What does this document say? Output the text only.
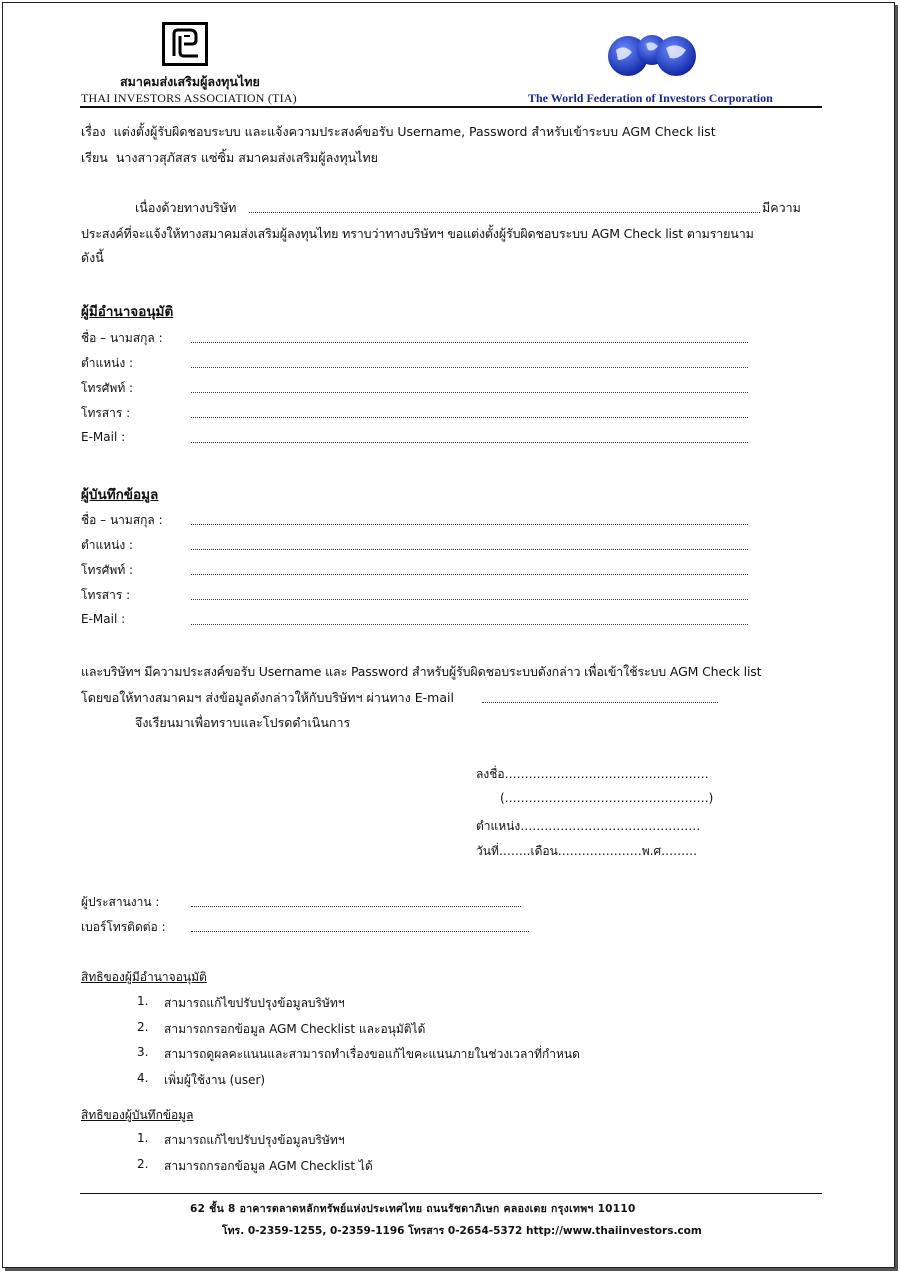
สมาคมส่งเสริมผู้ลงทุนไทย
THAI INVESTORS ASSOCIATION (TIA)	The World Federation of Investors Corporation
เรื่อง แต่งตั้งผู้รับผิดชอบระบบ และแจ้งความประสงค์ขอรับ Username, Password สำหรับเข้าระบบ AGM Check list
เรียน นางสาวสุภัสสร แซ่ซิ้ม สมาคมส่งเสริมผู้ลงทุนไทย
เนื่องด้วยทางบริษัท	มีความ
ประสงค์ที่จะแจ้งให้ทางสมาคมส่งเสริมผู้ลงทุนไทย ทราบว่าทางบริษัทฯ ขอแต่งตั้งผู้รับผิดชอบระบบ AGM Check list ตามรายนาม
ดังนี้
ผู้มีอำนาจอนุมัติ
ชื่อ – นามสกุล :
ตำแหน่ง :
โทรศัพท์ :
โทรสาร :
E-Mail :
ผู้บันทึกข้อมูล
ชื่อ – นามสกุล :
ตำแหน่ง :
โทรศัพท์ :
โทรสาร :
E-Mail :
และบริษัทฯ มีความประสงค์ขอรับ Username และ Password สำหรับผู้รับผิดชอบระบบดังกล่าว เพื่อเข้าใช้ระบบ AGM Check list
โดยขอให้ทางสมาคมฯ ส่งข้อมูลดังกล่าวให้กับบริษัทฯ ผ่านทาง E-mail
จึงเรียนมาเพื่อทราบและโปรดดำเนินการ
ลงชื่อ……………………………………………
(……………………………………………)
ตำแหน่ง………………………………………
วันที่……..เดือน…………………พ.ศ………
ผู้ประสานงาน :
เบอร์โทรติดต่อ :
สิทธิของผู้มีอำนาจอนุมัติ
1. สามารถแก้ไขปรับปรุงข้อมูลบริษัทฯ
2. สามารถกรอกข้อมูล AGM Checklist และอนุมัติได้
3. สามารถดูผลคะแนนและสามารถทำเรื่องขอแก้ไขคะแนนภายในช่วงเวลาที่กำหนด
4. เพิ่มผู้ใช้งาน (user)
สิทธิของผู้บันทึกข้อมูล
1. สามารถแก้ไขปรับปรุงข้อมูลบริษัทฯ
2. สามารถกรอกข้อมูล AGM Checklist ได้
62 ชั้น 8 อาคารตลาดหลักทรัพย์แห่งประเทศไทย ถนนรัชดาภิเษก คลองเตย กรุงเทพฯ 10110
โทร. 0-2359-1255, 0-2359-1196 โทรสาร 0-2654-5372 http://www.thaiinvestors.com
